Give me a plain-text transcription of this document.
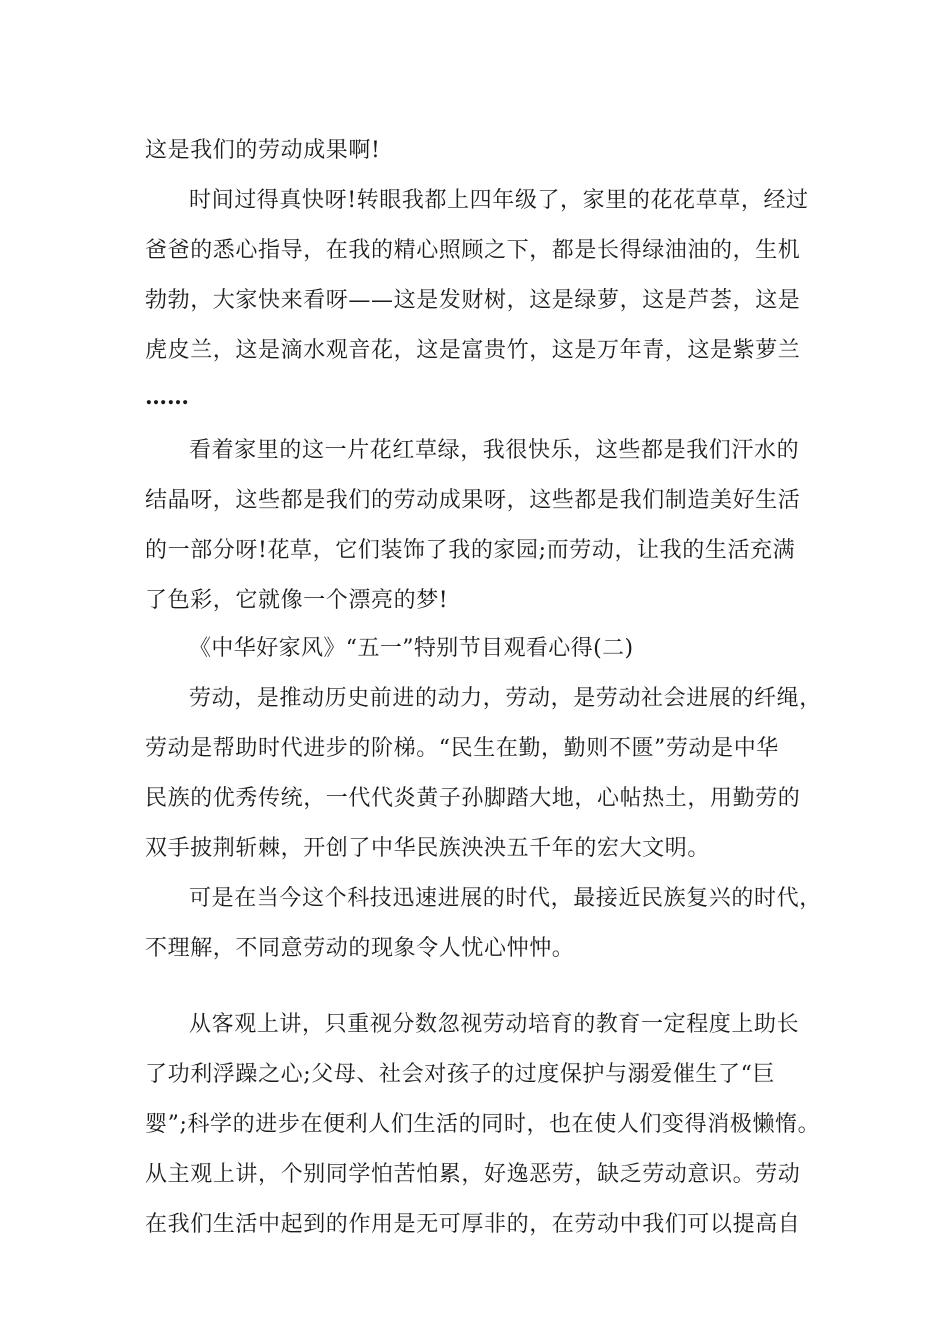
这是我们的劳动成果啊!
时间过得真快呀!转眼我都上四年级了，家里的花花草草，经过
爸爸的悉心指导，在我的精心照顾之下，都是长得绿油油的，生机
勃勃，大家快来看呀——这是发财树，这是绿萝，这是芦荟，这是
虎皮兰，这是滴水观音花，这是富贵竹，这是万年青，这是紫萝兰
……
看着家里的这一片花红草绿，我很快乐，这些都是我们汗水的
结晶呀，这些都是我们的劳动成果呀，这些都是我们制造美好生活
的一部分呀!花草，它们装饰了我的家园;而劳动，让我的生活充满
了色彩，它就像一个漂亮的梦!
《中华好家风》“五一”特别节目观看心得(二)
劳动，是推动历史前进的动力，劳动，是劳动社会进展的纤绳，
劳动是帮助时代进步的阶梯。“民生在勤，勤则不匮”劳动是中华
民族的优秀传统，一代代炎黄子孙脚踏大地，心帖热土，用勤劳的
双手披荆斩棘，开创了中华民族泱泱五千年的宏大文明。
可是在当今这个科技迅速进展的时代，最接近民族复兴的时代，
不理解，不同意劳动的现象令人忧心忡忡。
从客观上讲，只重视分数忽视劳动培育的教育一定程度上助长
了功利浮躁之心;父母、社会对孩子的过度保护与溺爱催生了“巨
婴”;科学的进步在便利人们生活的同时，也在使人们变得消极懒惰。
从主观上讲，个别同学怕苦怕累，好逸恶劳，缺乏劳动意识。劳动
在我们生活中起到的作用是无可厚非的，在劳动中我们可以提高自
